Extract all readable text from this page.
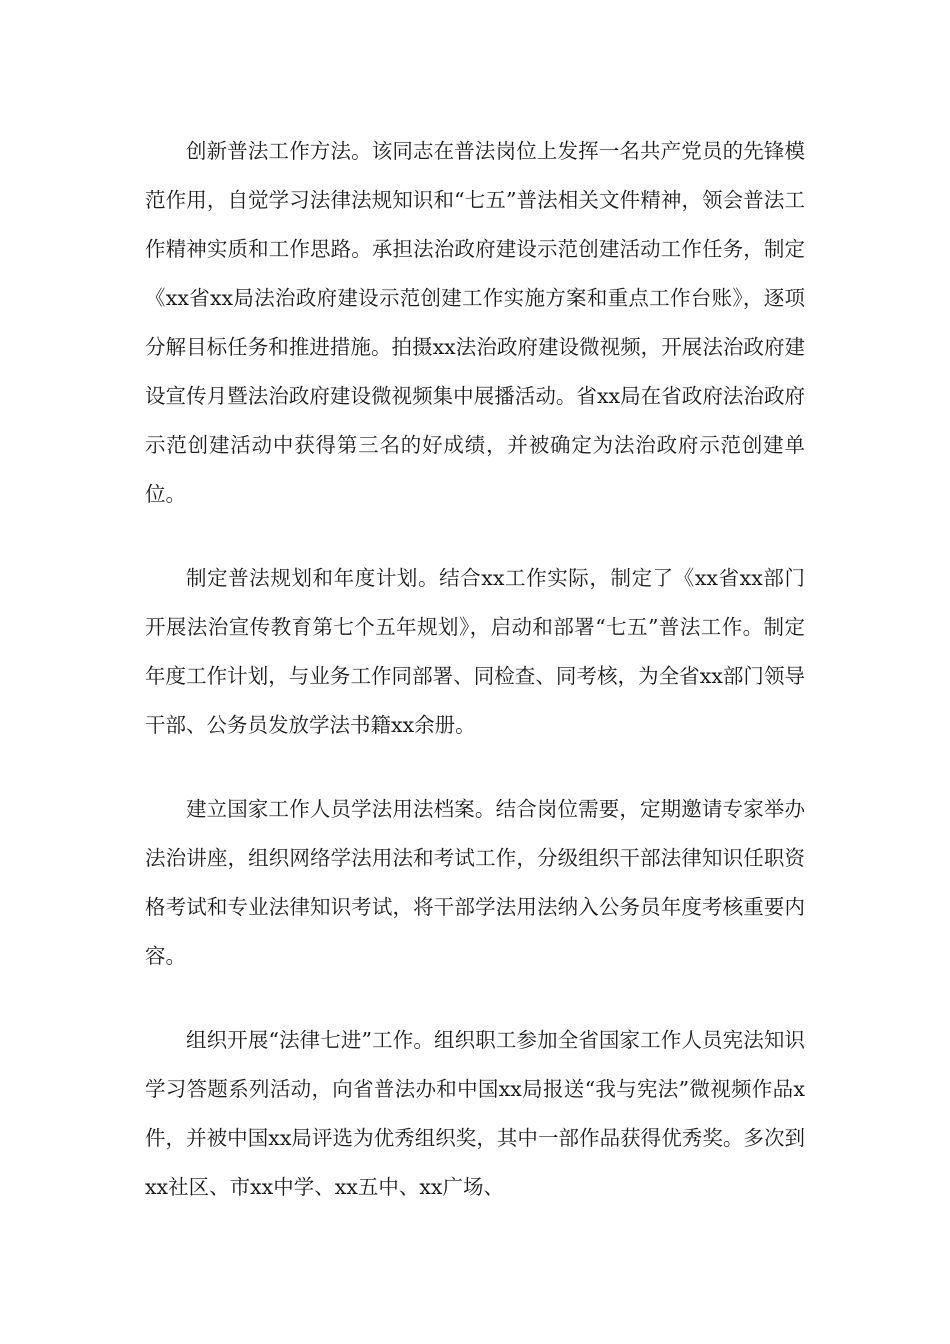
创新普法工作方法。该同志在普法岗位上发挥一名共产党员的先锋模范作用，自觉学习法律法规知识和“七五”普法相关文件精神，领会普法工作精神实质和工作思路。承担法治政府建设示范创建活动工作任务，制定《xx省xx局法治政府建设示范创建工作实施方案和重点工作台账》，逐项分解目标任务和推进措施。拍摄xx法治政府建设微视频，开展法治政府建设宣传月暨法治政府建设微视频集中展播活动。省xx局在省政府法治政府示范创建活动中获得第三名的好成绩，并被确定为法治政府示范创建单位。

制定普法规划和年度计划。结合xx工作实际，制定了《xx省xx部门开展法治宣传教育第七个五年规划》，启动和部署“七五”普法工作。制定年度工作计划，与业务工作同部署、同检查、同考核，为全省xx部门领导干部、公务员发放学法书籍xx余册。

建立国家工作人员学法用法档案。结合岗位需要，定期邀请专家举办法治讲座，组织网络学法用法和考试工作，分级组织干部法律知识任职资格考试和专业法律知识考试，将干部学法用法纳入公务员年度考核重要内容。

组织开展“法律七进”工作。组织职工参加全省国家工作人员宪法知识学习答题系列活动，向省普法办和中国xx局报送“我与宪法”微视频作品x件，并被中国xx局评选为优秀组织奖，其中一部作品获得优秀奖。多次到xx社区、市xx中学、xx五中、xx广场、
